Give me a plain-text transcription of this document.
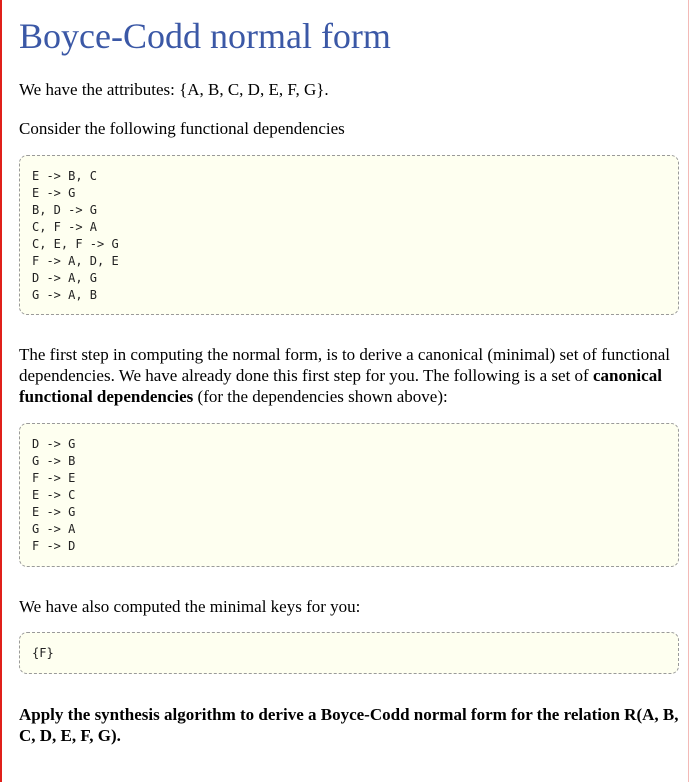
Boyce-Codd normal form

We have the attributes: {A, B, C, D, E, F, G}.

Consider the following functional dependencies

E -> B, C
E -> G
B, D -> G
C, F -> A
C, E, F -> G
F -> A, D, E
D -> A, G
G -> A, B

The first step in computing the normal form, is to derive a canonical (minimal) set of functional dependencies. We have already done this first step for you. The following is a set of canonical functional dependencies (for the dependencies shown above):

D -> G
G -> B
F -> E
E -> C
E -> G
G -> A
F -> D

We have also computed the minimal keys for you:

{F}

Apply the synthesis algorithm to derive a Boyce-Codd normal form for the relation R(A, B, C, D, E, F, G).
